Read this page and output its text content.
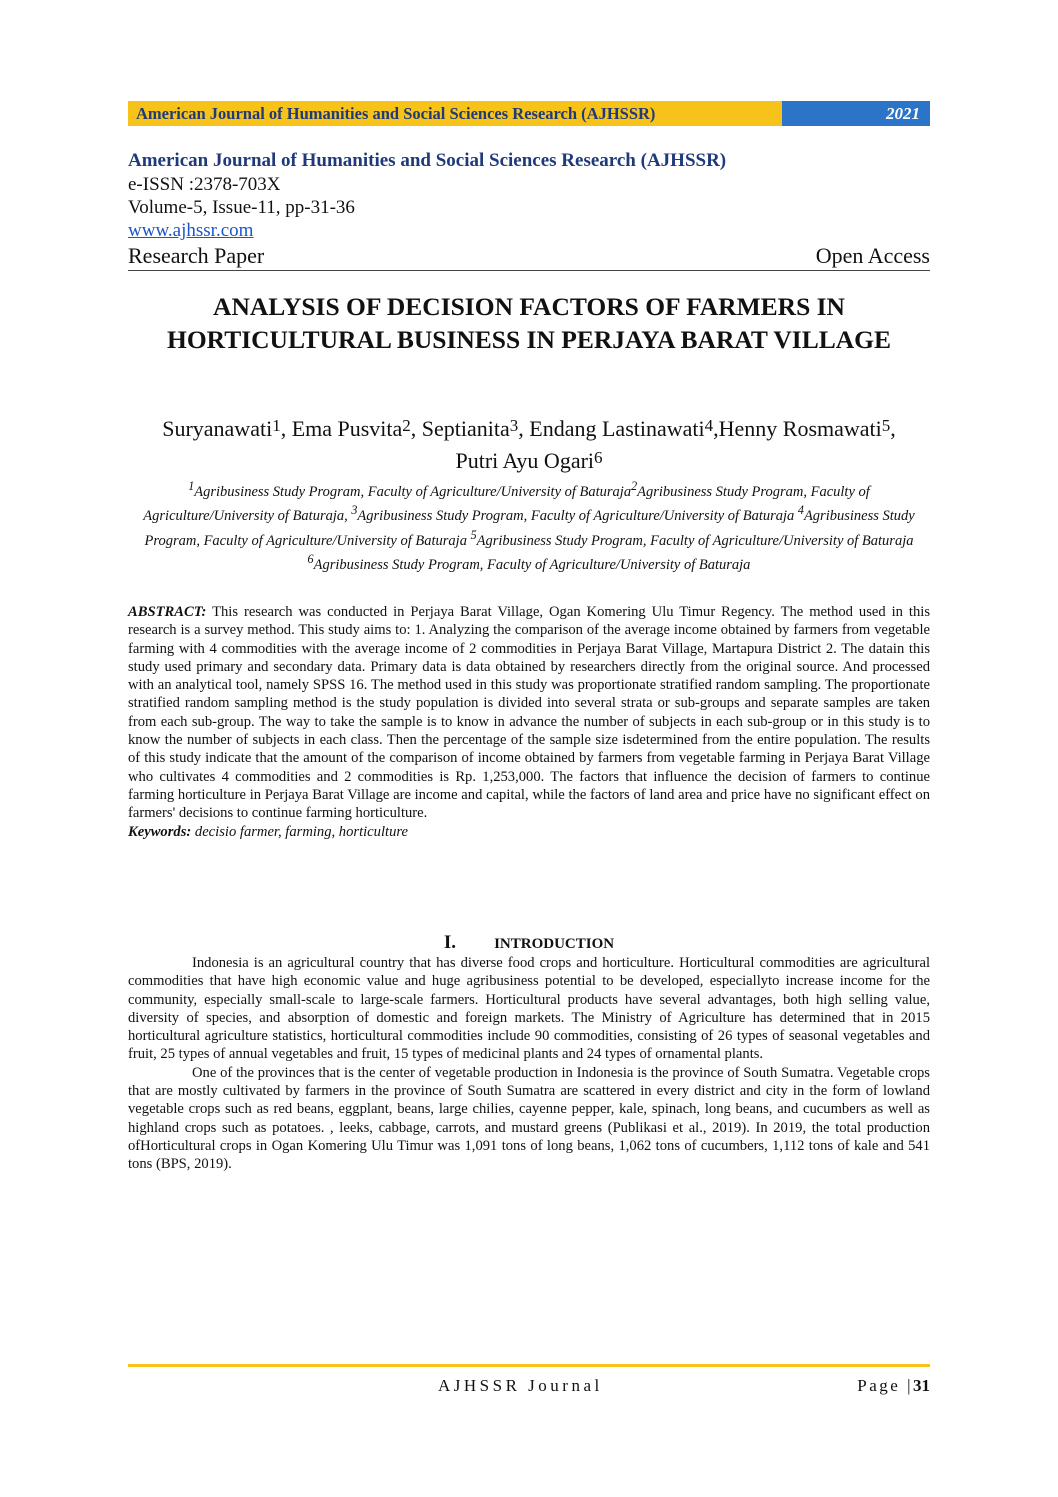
American Journal of Humanities and Social Sciences Research (AJHSSR)	2021
American Journal of Humanities and Social Sciences Research (AJHSSR)
e-ISSN :2378-703X
Volume-5, Issue-11, pp-31-36
www.ajhssr.com
Research Paper	Open Access
ANALYSIS OF DECISION FACTORS OF FARMERS IN HORTICULTURAL BUSINESS IN PERJAYA BARAT VILLAGE
Suryanawati$^1$, Ema Pusvita$^2$, Septianita$^3$, Endang Lastinawati$^4$,Henny Rosmawati$^5$, Putri Ayu Ogari$^6$
$^1$Agribusiness Study Program, Faculty of Agriculture/University of Baturaja$^2$Agribusiness Study Program, Faculty of Agriculture/University of Baturaja, $^3$Agribusiness Study Program, Faculty of Agriculture/University of Baturaja $^4$Agribusiness Study Program, Faculty of Agriculture/University of Baturaja $^5$Agribusiness Study Program, Faculty of Agriculture/University of Baturaja $^6$Agribusiness Study Program, Faculty of Agriculture/University of Baturaja
ABSTRACT: This research was conducted in Perjaya Barat Village, Ogan Komering Ulu Timur Regency. The method used in this research is a survey method. This study aims to: 1. Analyzing the comparison of the average income obtained by farmers from vegetable farming with 4 commodities with the average income of 2 commodities in Perjaya Barat Village, Martapura District 2. The datain this study used primary and secondary data. Primary data is data obtained by researchers directly from the original source. And processed with an analytical tool, namely SPSS 16. The method used in this study was proportionate stratified random sampling. The proportionate stratified random sampling method is the study population is divided into several strata or sub-groups and separate samples are taken from each sub-group. The way to take the sample is to know in advance the number of subjects in each sub-group or in this study is to know the number of subjects in each class. Then the percentage of the sample size isdetermined from the entire population. The results of this study indicate that the amount of the comparison of income obtained by farmers from vegetable farming in Perjaya Barat Village who cultivates 4 commodities and 2 commodities is Rp. 1,253,000. The factors that influence the decision of farmers to continue farming horticulture in Perjaya Barat Village are income and capital, while the factors of land area and price have no significant effect on farmers' decisions to continue farming horticulture.
Keywords: decisio farmer, farming, horticulture
I.	INTRODUCTION

Indonesia is an agricultural country that has diverse food crops and horticulture. Horticultural commodities are agricultural commodities that have high economic value and huge agribusiness potential to be developed, especiallyto increase income for the community, especially small-scale to large-scale farmers. Horticultural products have several advantages, both high selling value, diversity of species, and absorption of domestic and foreign markets. The Ministry of Agriculture has determined that in 2015 horticultural agriculture statistics, horticultural commodities include 90 commodities, consisting of 26 types of seasonal vegetables and fruit, 25 types of annual vegetables and fruit, 15 types of medicinal plants and 24 types of ornamental plants.

One of the provinces that is the center of vegetable production in Indonesia is the province of South Sumatra. Vegetable crops that are mostly cultivated by farmers in the province of South Sumatra are scattered in every district and city in the form of lowland vegetable crops such as red beans, eggplant, beans, large chilies, cayenne pepper, kale, spinach, long beans, and cucumbers as well as highland crops such as potatoes. , leeks, cabbage, carrots, and mustard greens (Publikasi et al., 2019). In 2019, the total production ofHorticultural crops in Ogan Komering Ulu Timur was 1,091 tons of long beans, 1,062 tons of cucumbers, 1,112 tons of kale and 541 tons (BPS, 2019).

AJHSSR Journal	Page |31
